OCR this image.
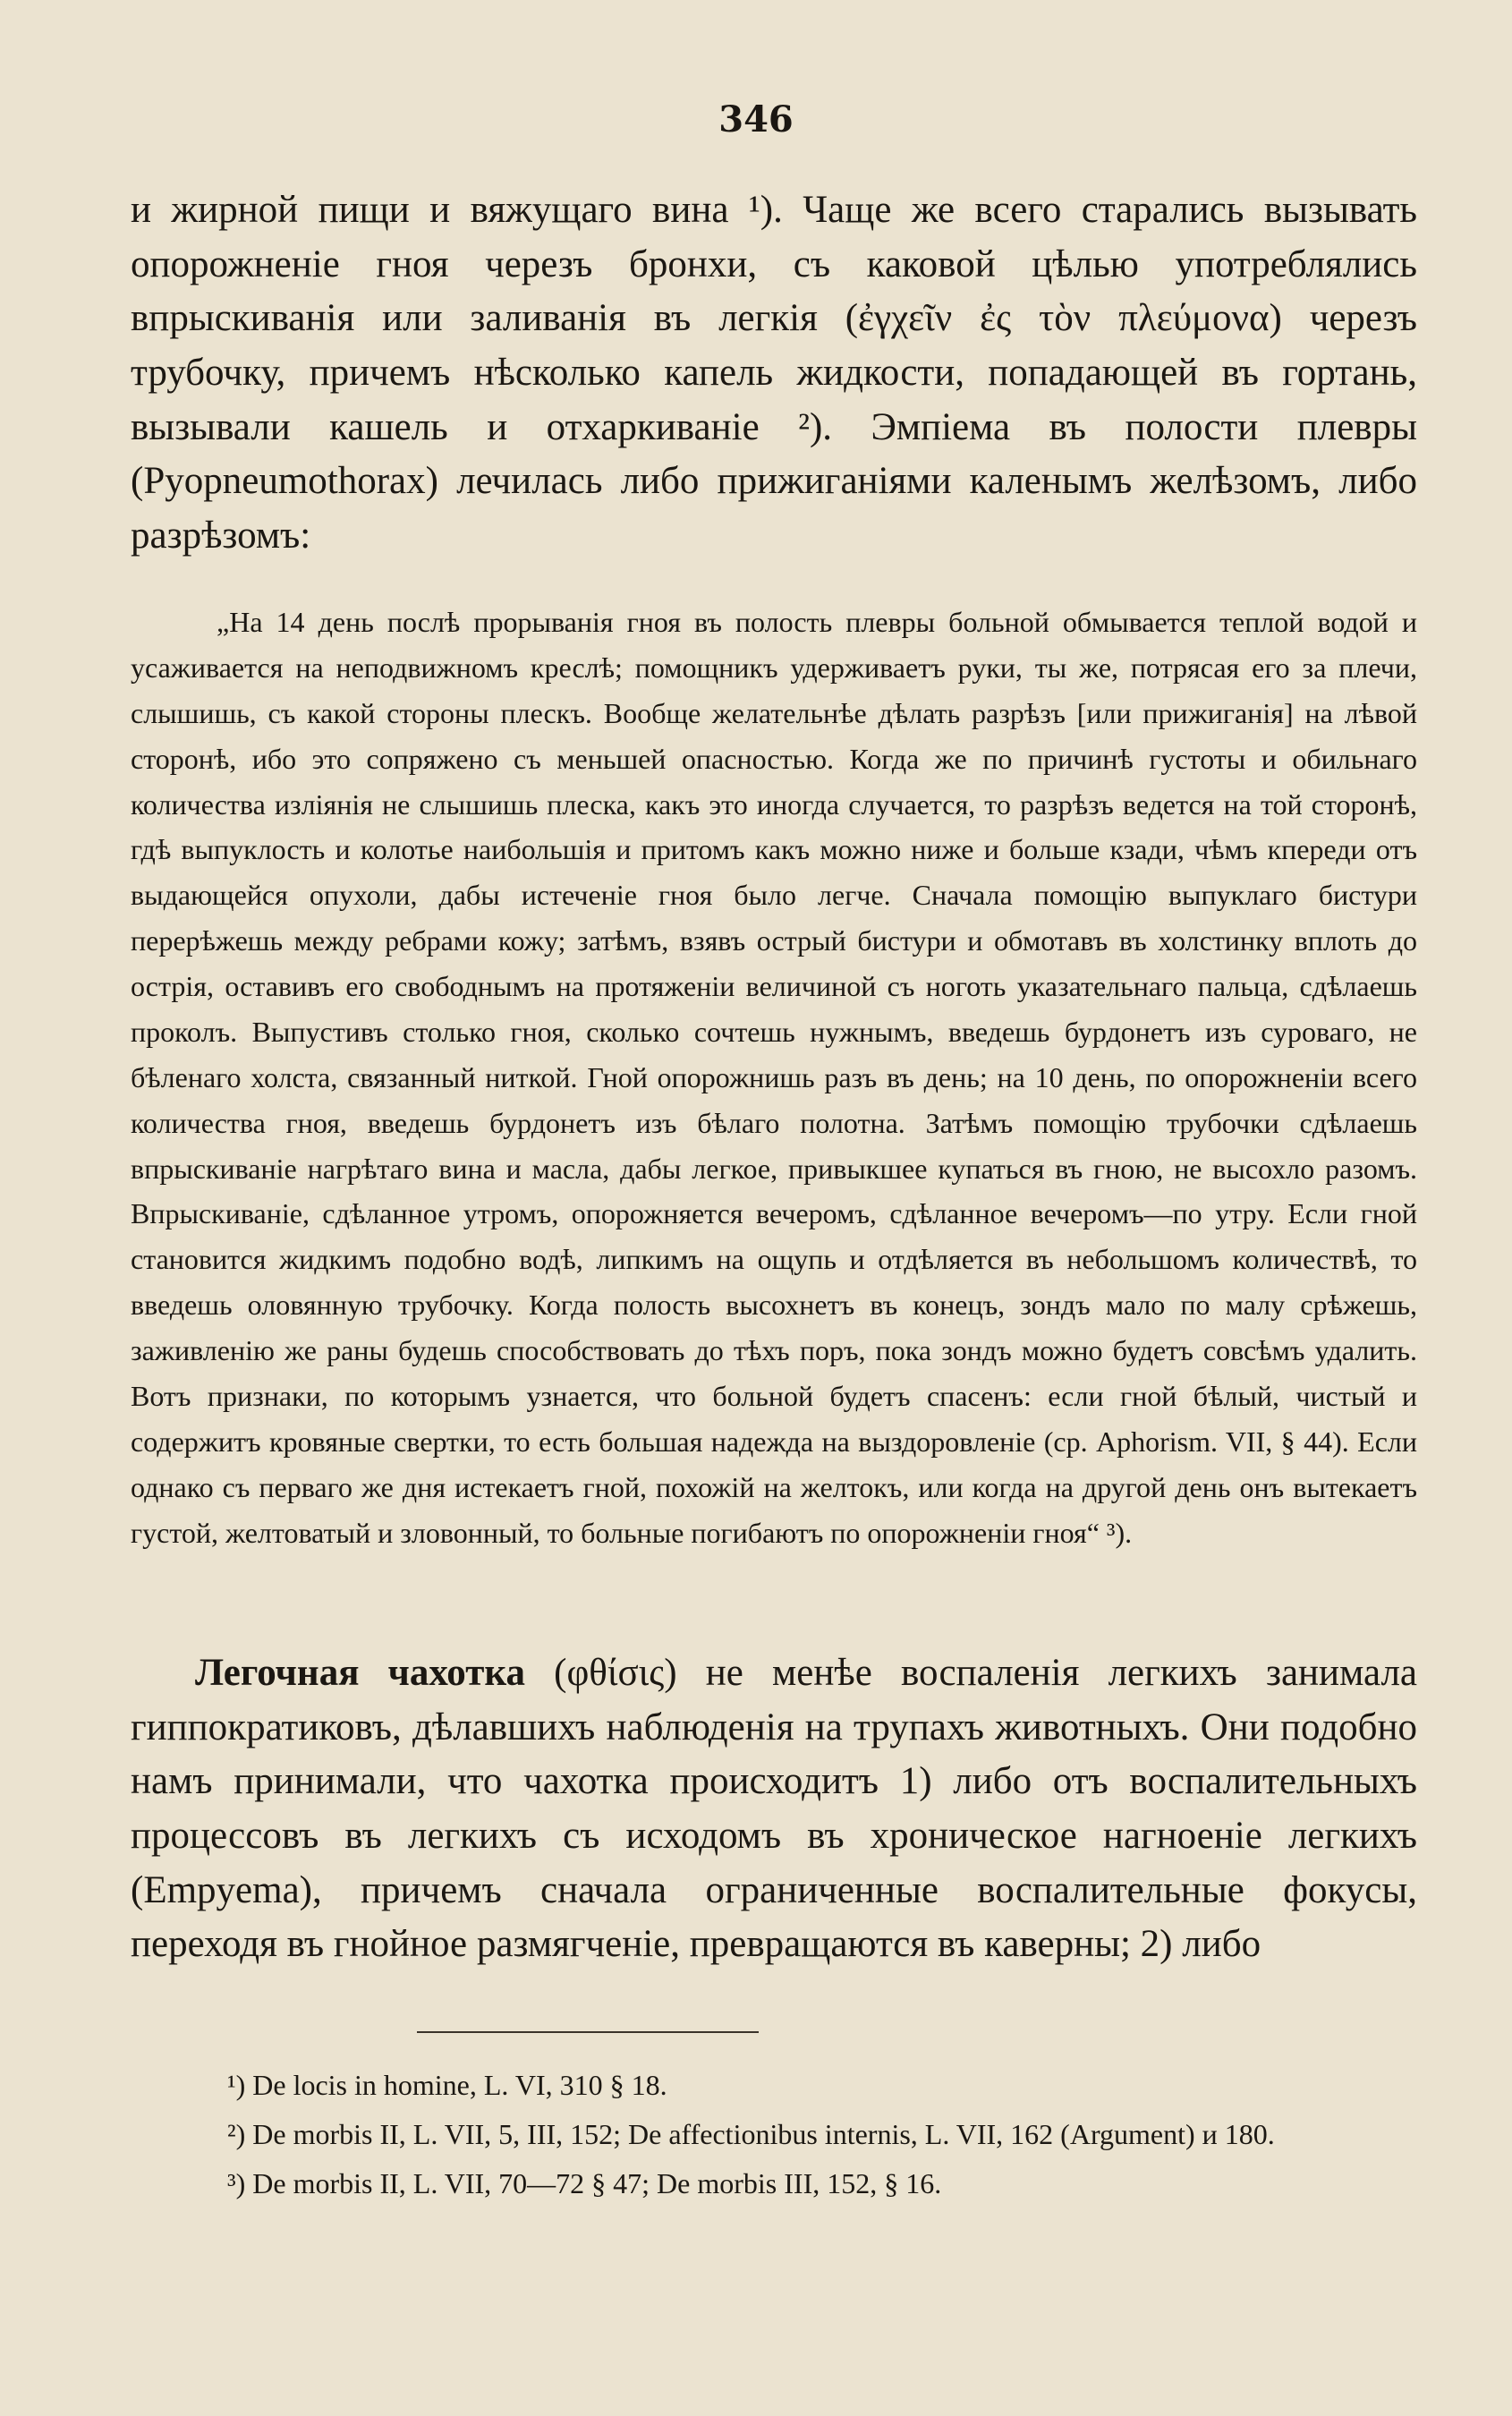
346

и жирной пищи и вяжущаго вина ¹). Чаще же всего старались вызывать опорожненіе гноя черезъ бронхи, съ каковой цѣлью употреблялись впрыскиванія или заливанія въ легкія (ἐγχεῖν ἐς τὸν πλεύμονα) черезъ трубочку, причемъ нѣсколько капель жидкости, попадающей въ гортань, вызывали кашель и отхаркиваніе ²). Эмпіема въ полости плевры (Pyopneumothorax) лечилась либо прижиганіями каленымъ желѣзомъ, либо разрѣзомъ:

„На 14 день послѣ прорыванія гноя въ полость плевры больной обмывается теплой водой и усаживается на неподвижномъ креслѣ; помощникъ удерживаетъ руки, ты же, потрясая его за плечи, слышишь, съ какой стороны плескъ. Вообще желательнѣе дѣлать разрѣзъ [или прижиганія] на лѣвой сторонѣ, ибо это сопряжено съ меньшей опасностью. Когда же по причинѣ густоты и обильнаго количества излiянія не слышишь плеска, какъ это иногда случается, то разрѣзъ ведется на той сторонѣ, гдѣ выпуклость и колотье наибольшія и притомъ какъ можно ниже и больше кзади, чѣмъ кпереди отъ выдающейся опухоли, дабы истеченіе гноя было легче. Сначала помощію выпуклаго бистури перерѣжешь между ребрами кожу; затѣмъ, взявъ острый бистури и обмотавъ въ холстинку вплоть до острія, оставивъ его свободнымъ на протяженіи величиной съ ноготь указательнаго пальца, сдѣлаешь проколъ. Выпустивъ столько гноя, сколько сочтешь нужнымъ, введешь бурдонетъ изъ суроваго, не бѣленаго холста, связанный ниткой. Гной опорожнишь разъ въ день; на 10 день, по опорожненіи всего количества гноя, введешь бурдонетъ изъ бѣлаго полотна. Затѣмъ помощію трубочки сдѣлаешь впрыскиваніе нагрѣтаго вина и масла, дабы легкое, привыкшее купаться въ гною, не высохло разомъ. Впрыскиваніе, сдѣланное утромъ, опорожняется вечеромъ, сдѣланное вечеромъ—по утру. Если гной становится жидкимъ подобно водѣ, липкимъ на ощупь и отдѣляется въ небольшомъ количествѣ, то введешь оловянную трубочку. Когда полость высохнетъ въ конецъ, зондъ мало по малу срѣжешь, заживленію же раны будешь способствовать до тѣхъ поръ, пока зондъ можно будетъ совсѣмъ удалить. Вотъ признаки, по которымъ узнается, что больной будетъ спасенъ: если гной бѣлый, чистый и содержитъ кровяные свертки, то есть большая надежда на выздоровленіе (ср. Aphorism. VII, § 44). Если однако съ перваго же дня истекаетъ гной, похожій на желтокъ, или когда на другой день онъ вытекаетъ густой, желтоватый и зловонный, то больные погибаютъ по опорожненіи гноя“ ³).

Легочная чахотка (φθίσις) не менѣе воспаленія легкихъ занимала гиппократиковъ, дѣлавшихъ наблюденія на трупахъ животныхъ. Они подобно намъ принимали, что чахотка происходитъ 1) либо отъ воспалительныхъ процессовъ въ легкихъ съ исходомъ въ хроническое нагноеніе легкихъ (Empyema), причемъ сначала ограниченные воспалительные фокусы, переходя въ гнойное размягченіе, превращаются въ каверны; 2) либо

¹) De locis in homine, L. VI, 310 § 18.

²) De morbis II, L. VII, 5, III, 152; De affectionibus internis, L. VII, 162 (Argument) и 180.

³) De morbis II, L. VII, 70—72 § 47; De morbis III, 152, § 16.
